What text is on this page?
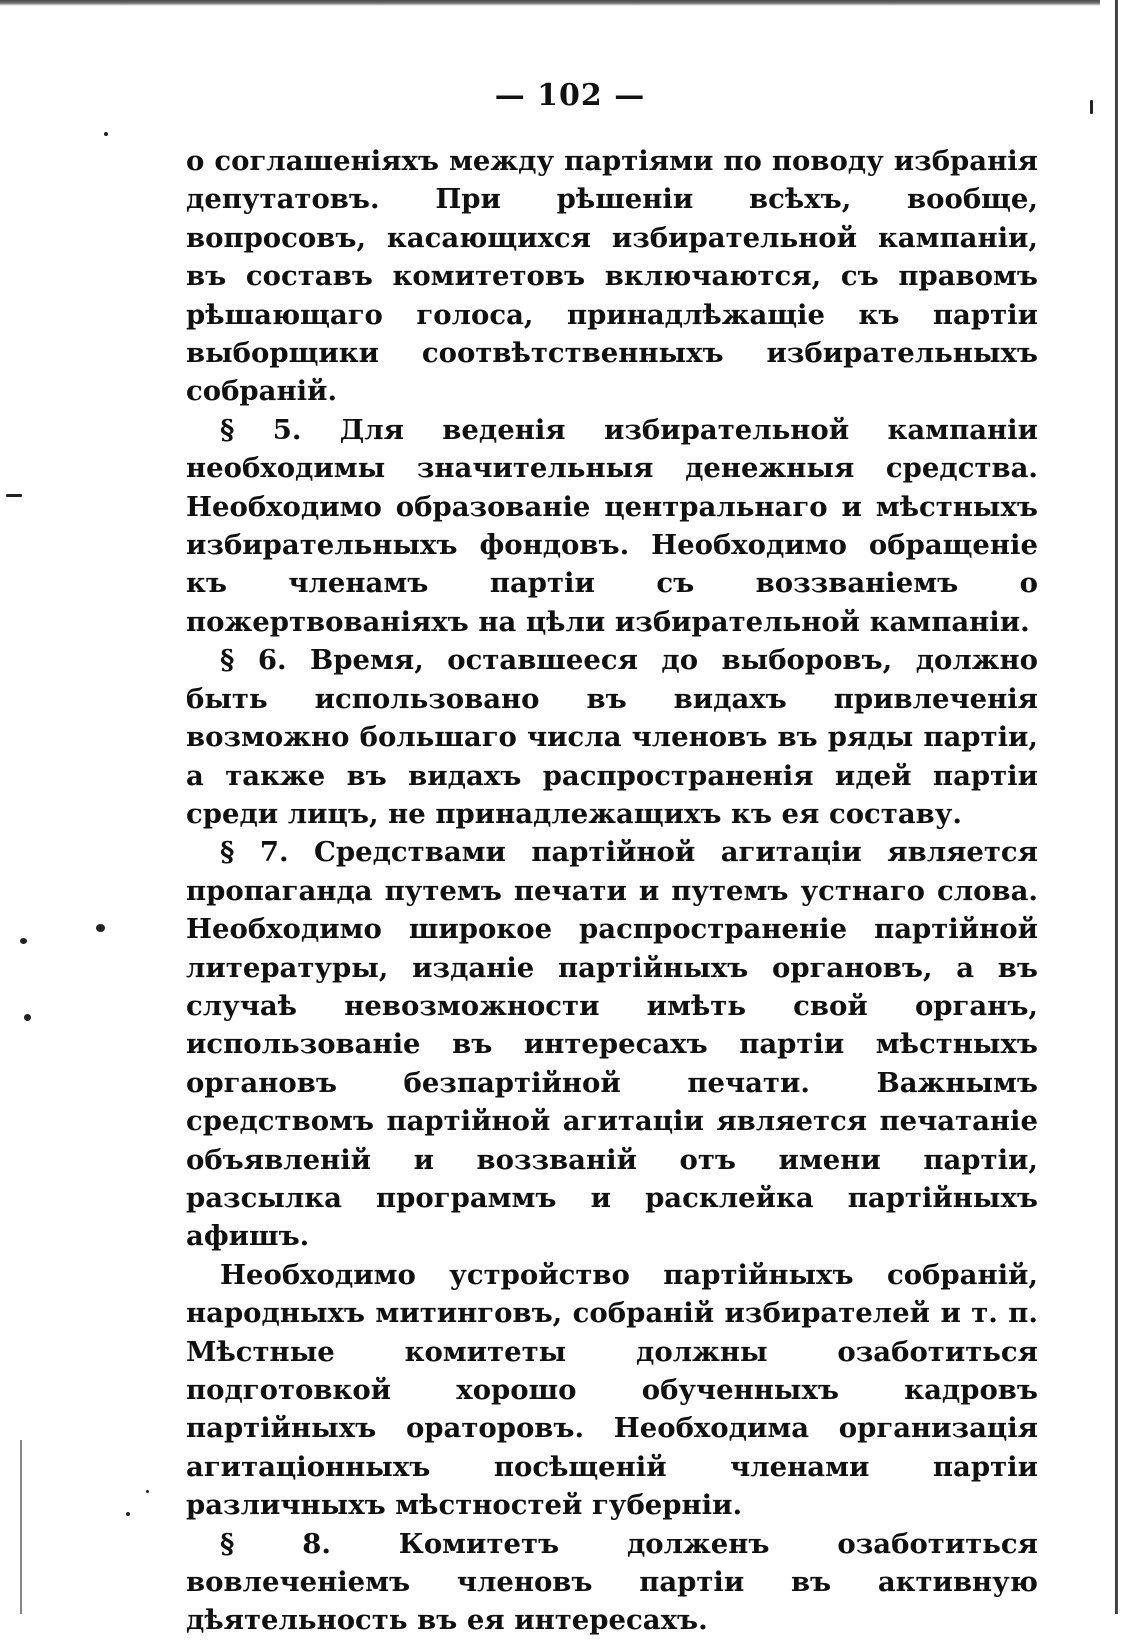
— 102 —

о соглашеніяхъ между партіями по поводу избранія депутатовъ. При рѣшеніи всѣхъ, вообще, вопросовъ, касающихся избирательной кампаніи, въ составъ комитетовъ включаются, съ правомъ рѣшающаго голоса, принадлѣжащіе къ партіи выборщики соотвѣтственныхъ избирательныхъ собраній.

§ 5. Для веденія избирательной кампаніи необходимы значительныя денежныя средства. Необходимо образованіе центральнаго и мѣстныхъ избирательныхъ фондовъ. Необходимо обращеніе къ членамъ партіи съ воззваніемъ о пожертвованіяхъ на цѣли избирательной кампаніи.

§ 6. Время, оставшееся до выборовъ, должно быть использовано въ видахъ привлеченія возможно большаго числа членовъ въ ряды партіи, а также въ видахъ распространенія идей партіи среди лицъ, не принадлежащихъ къ ея составу.

§ 7. Средствами партійной агитаціи является пропаганда путемъ печати и путемъ устнаго слова. Необходимо широкое распространеніе партійной литературы, изданіе партійныхъ органовъ, а въ случаѣ невозможности имѣть свой органъ, использованіе въ интересахъ партіи мѣстныхъ органовъ безпартійной печати. Важнымъ средствомъ партійной агитаціи является печатаніе объявленій и воззваній отъ имени партіи, разсылка программъ и расклейка партійныхъ афишъ.

Необходимо устройство партійныхъ собраній, народныхъ митинговъ, собраній избирателей и т. п. Мѣстные комитеты должны озаботиться подготовкой хорошо обученныхъ кадровъ партійныхъ ораторовъ. Необходима организація агитаціонныхъ посѣщеній членами партіи различныхъ мѣстностей губерніи.

§ 8. Комитетъ долженъ озаботиться вовлеченіемъ членовъ партіи въ активную дѣятельность въ ея интересахъ.
